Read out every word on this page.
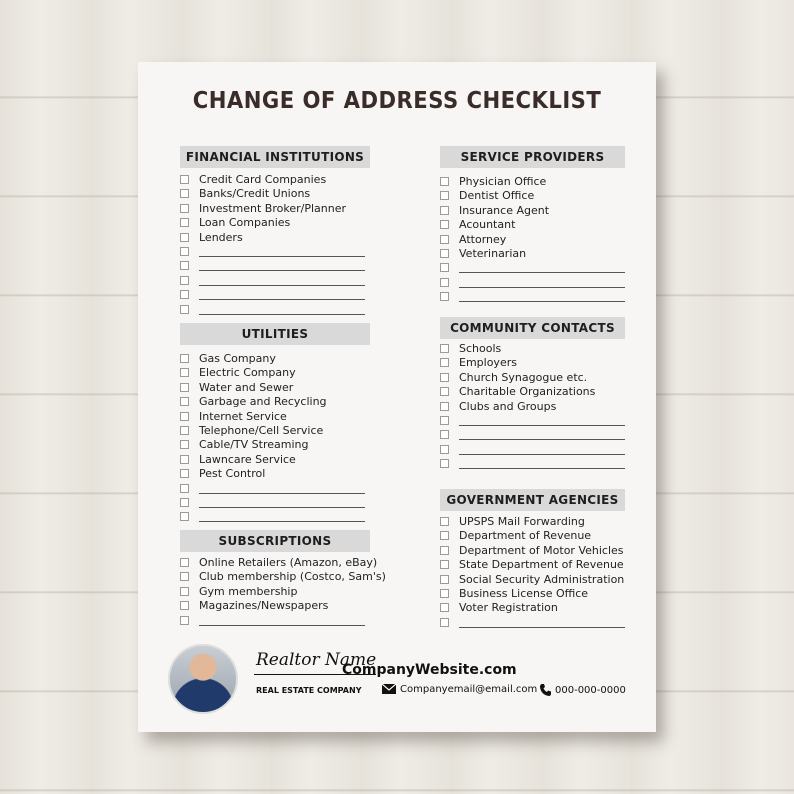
CHANGE OF ADDRESS CHECKLIST
FINANCIAL INSTITUTIONS
Credit Card Companies
Banks/Credit Unions
Investment Broker/Planner
Loan Companies
Lenders
UTILITIES
Gas Company
Electric Company
Water and Sewer
Garbage and Recycling
Internet Service
Telephone/Cell Service
Cable/TV Streaming
Lawncare Service
Pest Control
SUBSCRIPTIONS
Online Retailers (Amazon, eBay)
Club membership (Costco, Sam's)
Gym membership
Magazines/Newspapers
SERVICE PROVIDERS
Physician Office
Dentist Office
Insurance Agent
Acountant
Attorney
Veterinarian
COMMUNITY CONTACTS
Schools
Employers
Church Synagogue etc.
Charitable Organizations
Clubs and Groups
GOVERNMENT AGENCIES
UPSPS Mail Forwarding
Department of Revenue
Department of Motor Vehicles
State Department of Revenue
Social Security Administration
Business License Office
Voter Registration
Realtor Name
REAL ESTATE COMPANY
CompanyWebsite.com
Companyemail@email.com	000-000-0000
